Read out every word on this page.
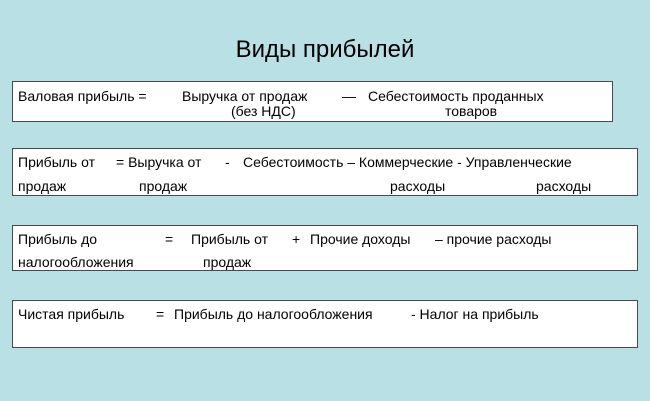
Виды прибылей
Валовая прибыль =	Выручка от продаж — Себестоимость проданных
(без НДС)	товаров
Прибыль от = Выручка от - Себестоимость – Коммерческие - Управленческие
продаж	продаж	расходы	расходы
Прибыль до	= Прибыль от + Прочие доходы – прочие расходы
налогообложения	продаж
Чистая прибыль = Прибыль до налогообложения	- Налог на прибыль
